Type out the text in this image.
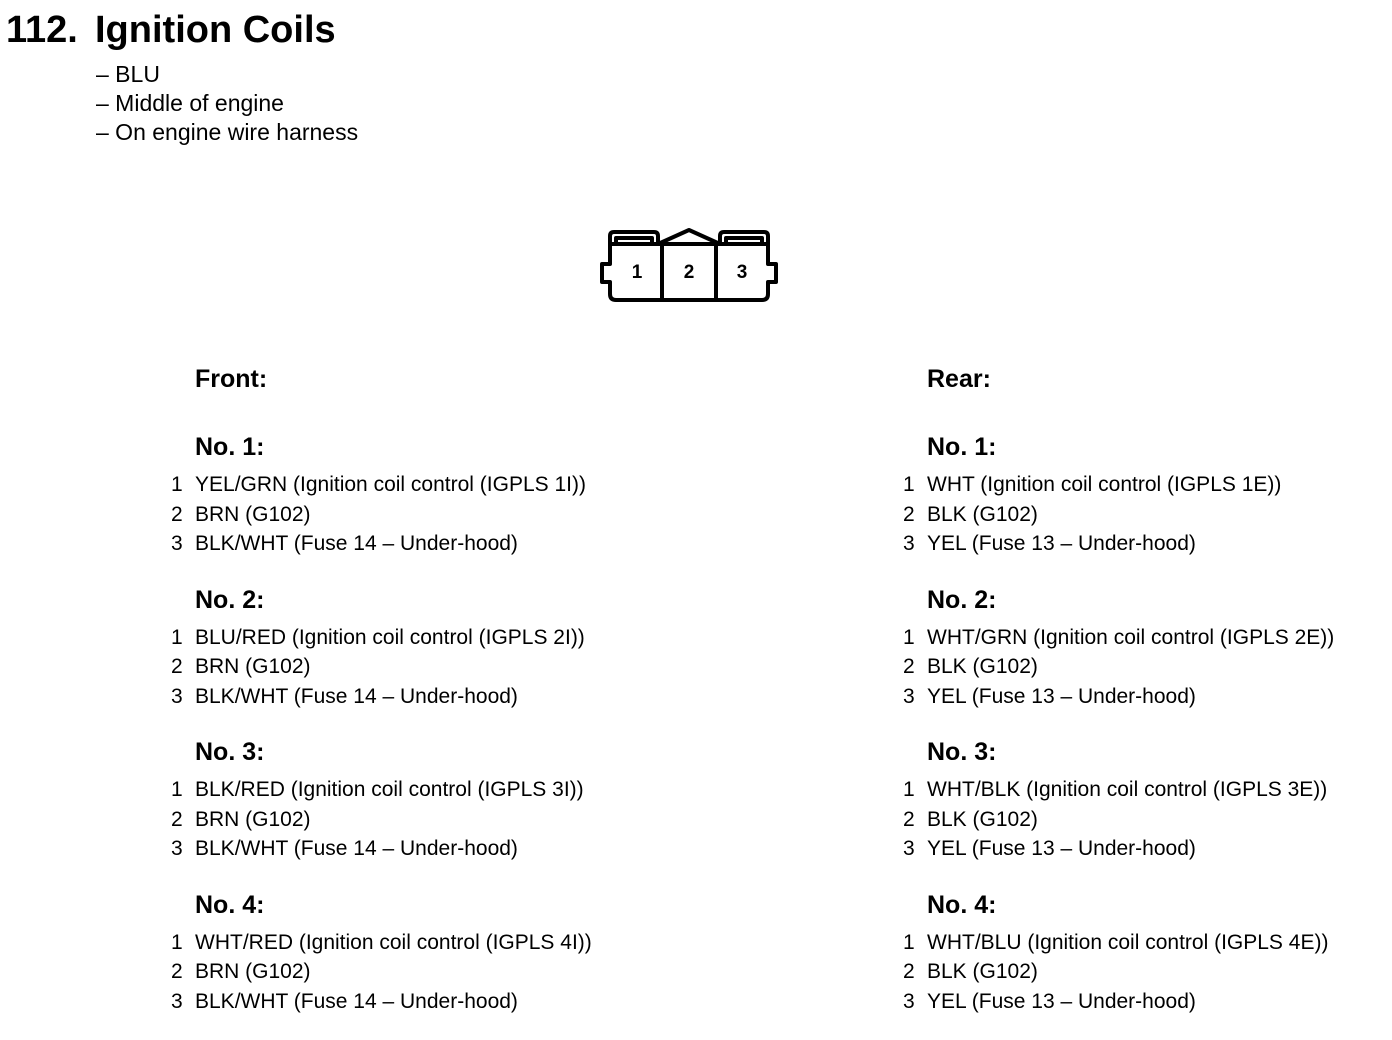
112. Ignition Coils
– BLU
– Middle of engine
– On engine wire harness
1 2 3
Front:
No. 1:
1 YEL/GRN (Ignition coil control (IGPLS 1I))
2 BRN (G102)
3 BLK/WHT (Fuse 14 – Under-hood)
No. 2:
1 BLU/RED (Ignition coil control (IGPLS 2I))
2 BRN (G102)
3 BLK/WHT (Fuse 14 – Under-hood)
No. 3:
1 BLK/RED (Ignition coil control (IGPLS 3I))
2 BRN (G102)
3 BLK/WHT (Fuse 14 – Under-hood)
No. 4:
1 WHT/RED (Ignition coil control (IGPLS 4I))
2 BRN (G102)
3 BLK/WHT (Fuse 14 – Under-hood)
Rear:
No. 1:
1 WHT (Ignition coil control (IGPLS 1E))
2 BLK (G102)
3 YEL (Fuse 13 – Under-hood)
No. 2:
1 WHT/GRN (Ignition coil control (IGPLS 2E))
2 BLK (G102)
3 YEL (Fuse 13 – Under-hood)
No. 3:
1 WHT/BLK (Ignition coil control (IGPLS 3E))
2 BLK (G102)
3 YEL (Fuse 13 – Under-hood)
No. 4:
1 WHT/BLU (Ignition coil control (IGPLS 4E))
2 BLK (G102)
3 YEL (Fuse 13 – Under-hood)
